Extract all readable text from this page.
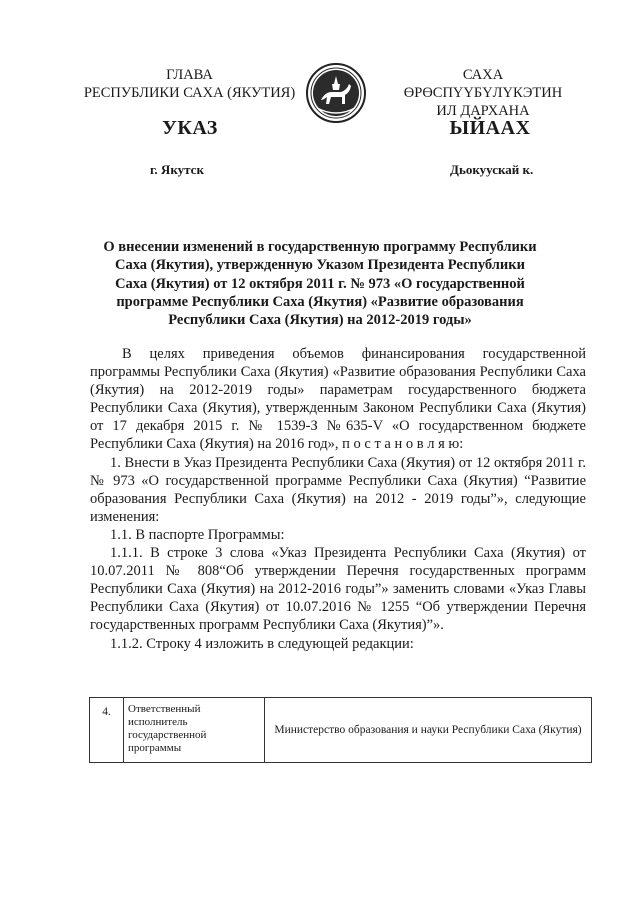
ГЛАВА
РЕСПУБЛИКИ САХА (ЯКУТИЯ)
САХА ӨРӨСПҮҮБҮЛҮКЭТИН
ИЛ ДАРХАНА
УКАЗ	ЫЙААХ
г. Якутск	Дьокуускай к.
О внесении изменений в государственную программу Республики
Саха (Якутия), утвержденную Указом Президента Республики
Саха (Якутия) от 12 октября 2011 г. № 973 «О государственной
программе Республики Саха (Якутия) «Развитие образования
Республики Саха (Якутия) на 2012-2019 годы»

В целях приведения объемов финансирования государственной программы Республики Саха (Якутия) «Развитие образования Республики Саха (Якутия) на 2012-2019 годы» параметрам государственного бюджета Республики Саха (Якутия), утвержденным Законом Республики Саха (Якутия) от 17 декабря 2015 г. № 1539-З №635-V «О государственном бюджете Республики Саха (Якутия) на 2016 год», п о с т а н о в л я ю:

1. Внести в Указ Президента Республики Саха (Якутия) от 12 октября 2011 г. № 973 «О государственной программе Республики Саха (Якутия) “Развитие образования Республики Саха (Якутия) на 2012 - 2019 годы”», следующие изменения:

1.1. В паспорте Программы:

1.1.1. В строке 3 слова «Указ Президента Республики Саха (Якутия) от 10.07.2011 № 808“Об утверждении Перечня государственных программ Республики Саха (Якутия) на 2012-2016 годы”» заменить словами «Указ Главы Республики Саха (Якутия) от 10.07.2016 № 1255 “Об утверждении Перечня государственных программ Республики Саха (Якутия)”».

1.1.2. Строку 4 изложить в следующей редакции:

4.	Ответственный исполнитель государственной программы	Министерство образования и науки Республики Саха (Якутия)
